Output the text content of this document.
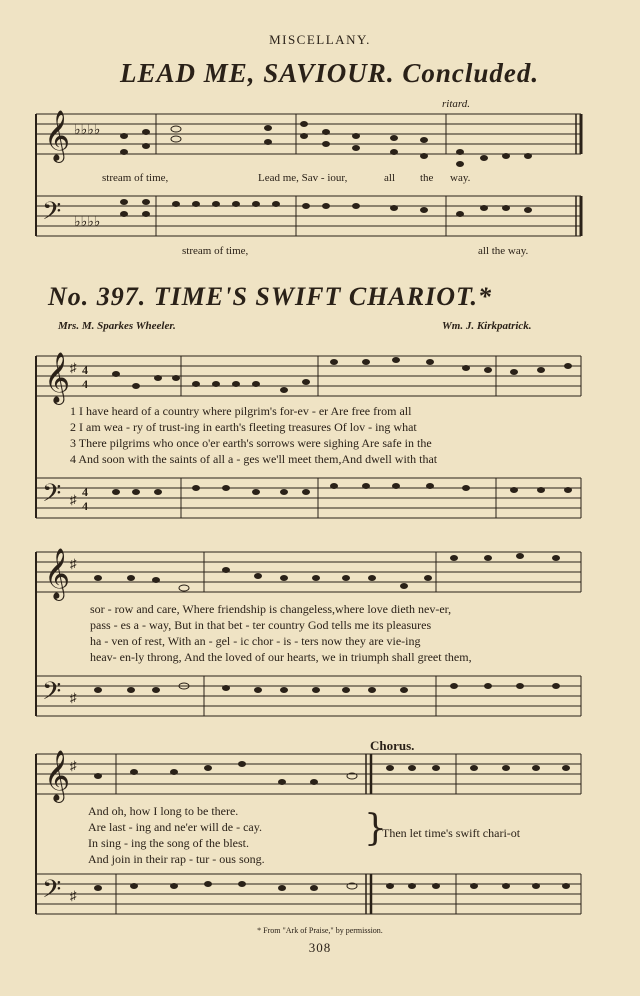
MISCELLANY.
LEAD ME, SAVIOUR. Concluded.
ritard.
𝄞 ♭♭♭♭
stream of time,	Lead me, Sav - iour,	all the way.
𝄢 ♭♭♭♭
stream of time,	all the way.
No. 397. TIME'S SWIFT CHARIOT.*
Mrs. M. Sparkes Wheeler.	Wm. J. Kirkpatrick.
𝄞 ♯ 4
4
1 I have heard of a country where pilgrim's for-ev - er Are free from all
2 I am wea - ry of trust-ing in earth's fleeting treasures Of lov - ing what
3 There pilgrims who once o'er earth's sorrows were sighing Are safe in the
4 And soon with the saints of all a - ges we'll meet them,And dwell with that
𝄢 ♯ 4
4
𝄞 ♯
sor - row and care, Where friendship is changeless,where love dieth nev-er,
pass - es a - way, But in that bet - ter country God tells me its pleasures
ha - ven of rest, With an - gel - ic chor - is - ters now they are vie-ing
heav- en-ly throng, And the loved of our hearts, we in triumph shall greet them,
𝄢 ♯
Chorus.
𝄞 ♯
And oh, how I long to be there.
Are last - ing and ne'er will de - cay.
In sing - ing the song of the blest.
And join in their rap - tur - ous song.
}
Then let time's swift chari-ot
𝄢 ♯
* From "Ark of Praise," by permission.
308
